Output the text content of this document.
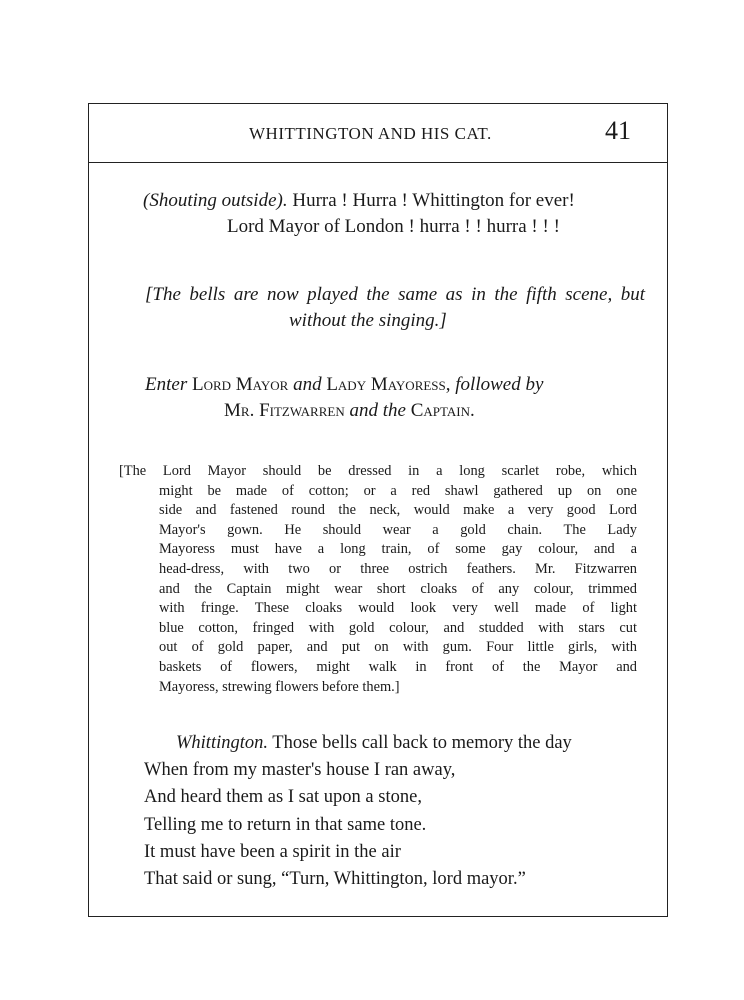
WHITTINGTON AND HIS CAT.	41
(Shouting outside). Hurra ! Hurra ! Whittington for ever!
Lord Mayor of London ! hurra ! ! hurra ! ! !
[The bells are now played the same as in the fifth scene, but
without the singing.]
Enter Lord Mayor and Lady Mayoress, followed by
Mr. Fitzwarren and the Captain.
[The Lord Mayor should be dressed in a long scarlet robe, which
might be made of cotton; or a red shawl gathered up on one
side and fastened round the neck, would make a very good Lord
Mayor's gown. He should wear a gold chain. The Lady
Mayoress must have a long train, of some gay colour, and a
head-dress, with two or three ostrich feathers. Mr. Fitzwarren
and the Captain might wear short cloaks of any colour, trimmed
with fringe. These cloaks would look very well made of light
blue cotton, fringed with gold colour, and studded with stars cut
out of gold paper, and put on with gum. Four little girls, with
baskets of flowers, might walk in front of the Mayor and
Mayoress, strewing flowers before them.]
Whittington. Those bells call back to memory the day
When from my master's house I ran away,
And heard them as I sat upon a stone,
Telling me to return in that same tone.
It must have been a spirit in the air
That said or sung, “Turn, Whittington, lord mayor.”
